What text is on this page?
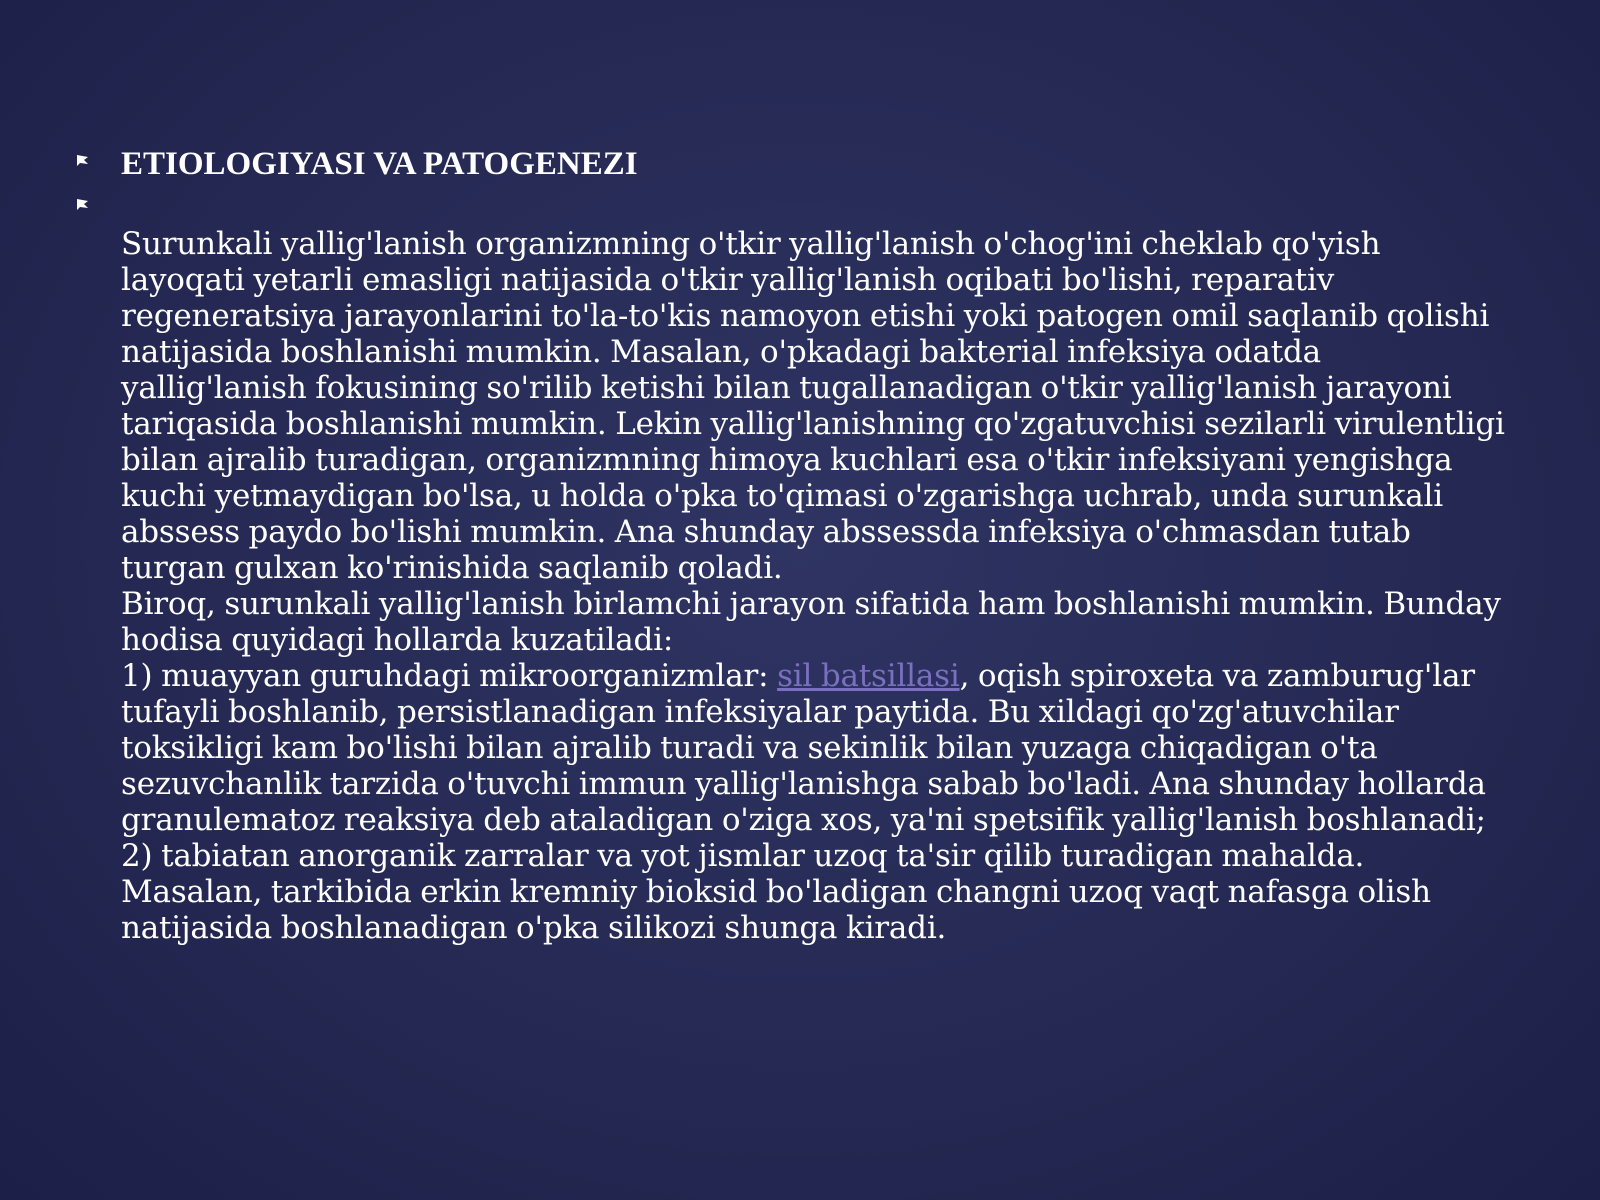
ETIOLOGIYASI VA PATOGENEZI

Surunkali yallig'lanish organizmning o'tkir yallig'lanish o'chog'ini cheklab qo'yish layoqati yetarli emasligi natijasida o'tkir yallig'lanish oqibati bo'lishi, reparativ regeneratsiya jarayonlarini to'la-to'kis namoyon etishi yoki patogen omil saqlanib qolishi natijasida boshlanishi mumkin. Masalan, o'pkadagi bakterial infeksiya odatda yallig'lanish fokusining so'rilib ketishi bilan tugallanadigan o'tkir yallig'lanish jarayoni tariqasida boshlanishi mumkin. Lekin yallig'lanishning qo'zgatuvchisi sezilarli virulentligi bilan ajralib turadigan, organizmning himoya kuchlari esa o'tkir infeksiyani yengishga kuchi yetmaydigan bo'lsa, u holda o'pka to'qimasi o'zgarishga uchrab, unda surunkali abssess paydo bo'lishi mumkin. Ana shunday abssessda infeksiya o'chmasdan tutab turgan gulxan ko'rinishida saqlanib qoladi.

Biroq, surunkali yallig'lanish birlamchi jarayon sifatida ham boshlanishi mumkin. Bunday hodisa quyidagi hollarda kuzatiladi:

1) muayyan guruhdagi mikroorganizmlar: sil batsillasi, oqish spiroxeta va zamburug'lar tufayli boshlanib, persistlanadigan infeksiyalar paytida. Bu xildagi qo'zg'atuvchilar toksikligi kam bo'lishi bilan ajralib turadi va sekinlik bilan yuzaga chiqadigan o'ta sezuvchanlik tarzida o'tuvchi immun yallig'lanishga sabab bo'ladi. Ana shunday hollarda granulematoz reaksiya deb ataladigan o'ziga xos, ya'ni spetsifik yallig'lanish boshlanadi;

2) tabiatan anorganik zarralar va yot jismlar uzoq ta'sir qilib turadigan mahalda. Masalan, tarkibida erkin kremniy bioksid bo'ladigan changni uzoq vaqt nafasga olish natijasida boshlanadigan o'pka silikozi shunga kiradi.
